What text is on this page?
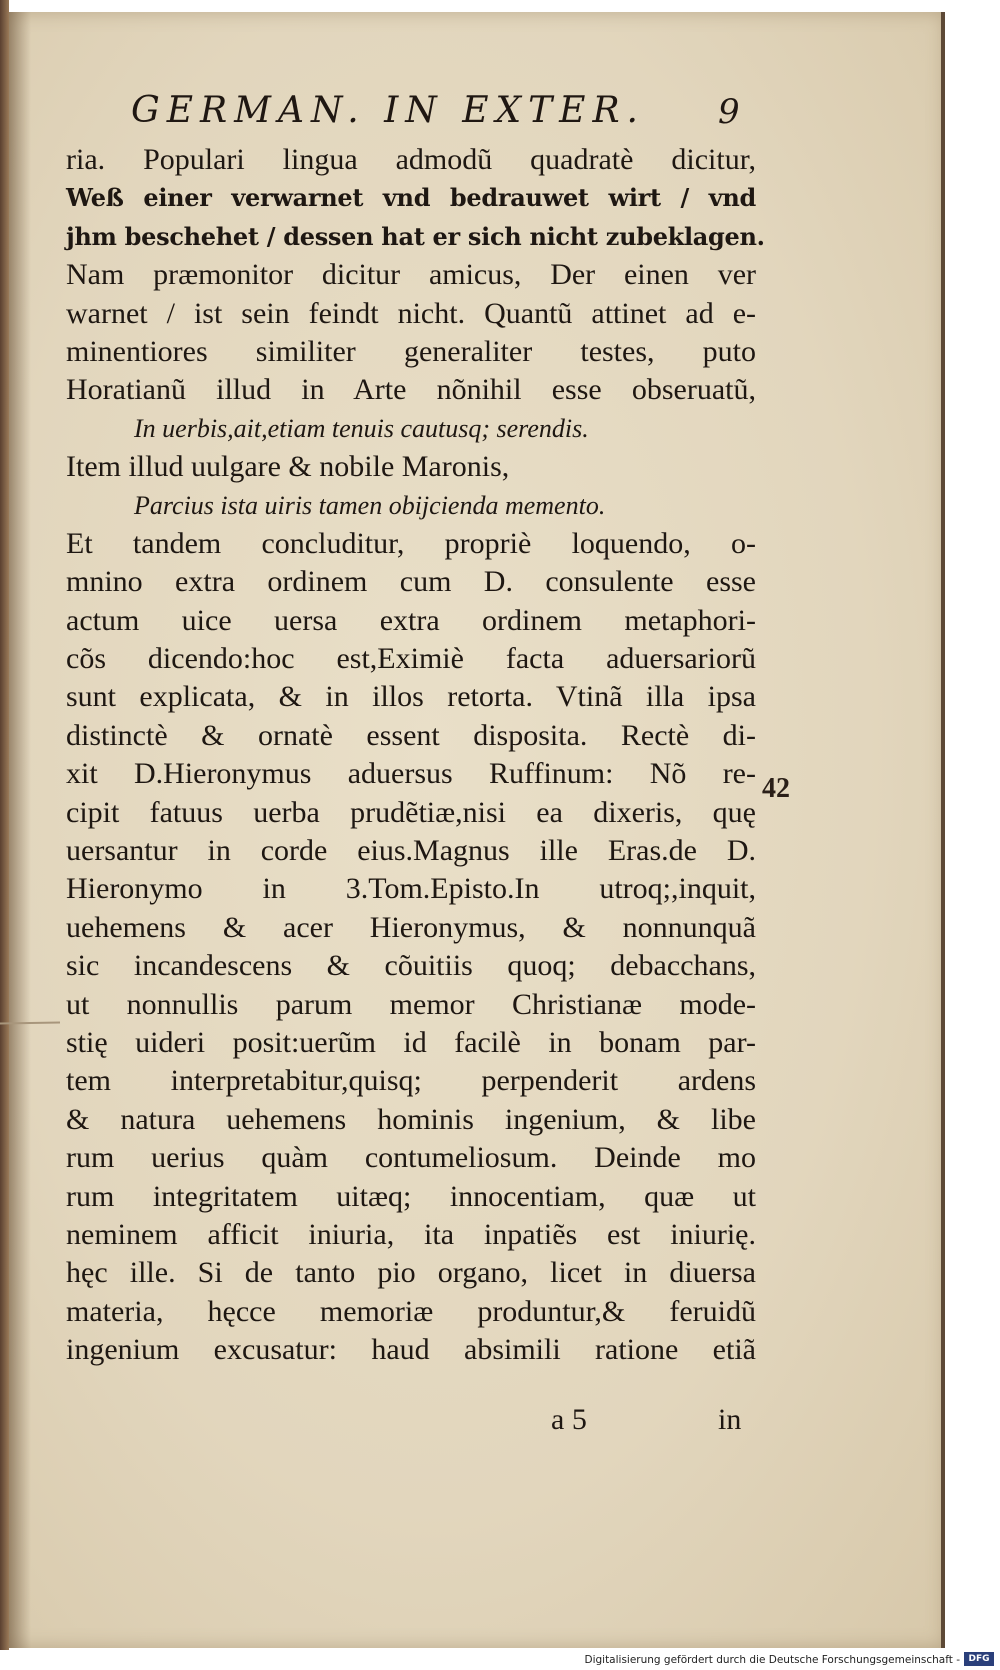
GERMAN. IN EXTER.	9
ria. Populari lingua admodũ quadratè dicitur,
Weß einer verwarnet vnd bedrauwet wirt / vnd
jhm beschehet / dessen hat er sich nicht zubeklagen.
Nam præmonitor dicitur amicus, Der einen ver
warnet / ist sein feindt nicht. Quantũ attinet ad e-
minentiores similiter generaliter testes, puto
Horatianũ illud in Arte nõnihil esse obseruatũ,
In uerbis,ait,etiam tenuis cautusq; serendis.
Item illud uulgare & nobile Maronis,
Parcius ista uiris tamen obijcienda memento.
Et tandem concluditur, propriè loquendo, o-
mnino extra ordinem cum D. consulente esse
actum uice uersa extra ordinem metaphori-
cõs dicendo:hoc est,Eximiè facta aduersariorũ
sunt explicata, & in illos retorta. Vtinã illa ipsa
distinctè & ornatè essent disposita. Rectè di-
xit D.Hieronymus aduersus Ruffinum: Nõ re-
cipit fatuus uerba prudẽtiæ,nisi ea dixeris, quę
uersantur in corde eius.Magnus ille Eras.de D.
Hieronymo in 3.Tom.Episto.In utroq;,inquit,
uehemens & acer Hieronymus, & nonnunquã
sic incandescens & cõuitiis quoq; debacchans,
ut nonnullis parum memor Christianæ mode-
stię uideri posit:uerũm id facilè in bonam par-
tem interpretabitur,quisq; perpenderit ardens
& natura uehemens hominis ingenium, & libe
rum uerius quàm contumeliosum. Deinde mo
rum integritatem uitæq; innocentiam, quæ ut
neminem afficit iniuria, ita inpatiẽs est iniurię.
hęc ille. Si de tanto pio organo, licet in diuersa
materia, hęcce memoriæ produntur,& feruidũ
ingenium excusatur: haud absimili ratione etiã
42
a 5	in
Digitalisierung gefördert durch die Deutsche Forschungsgemeinschaft - DFG
